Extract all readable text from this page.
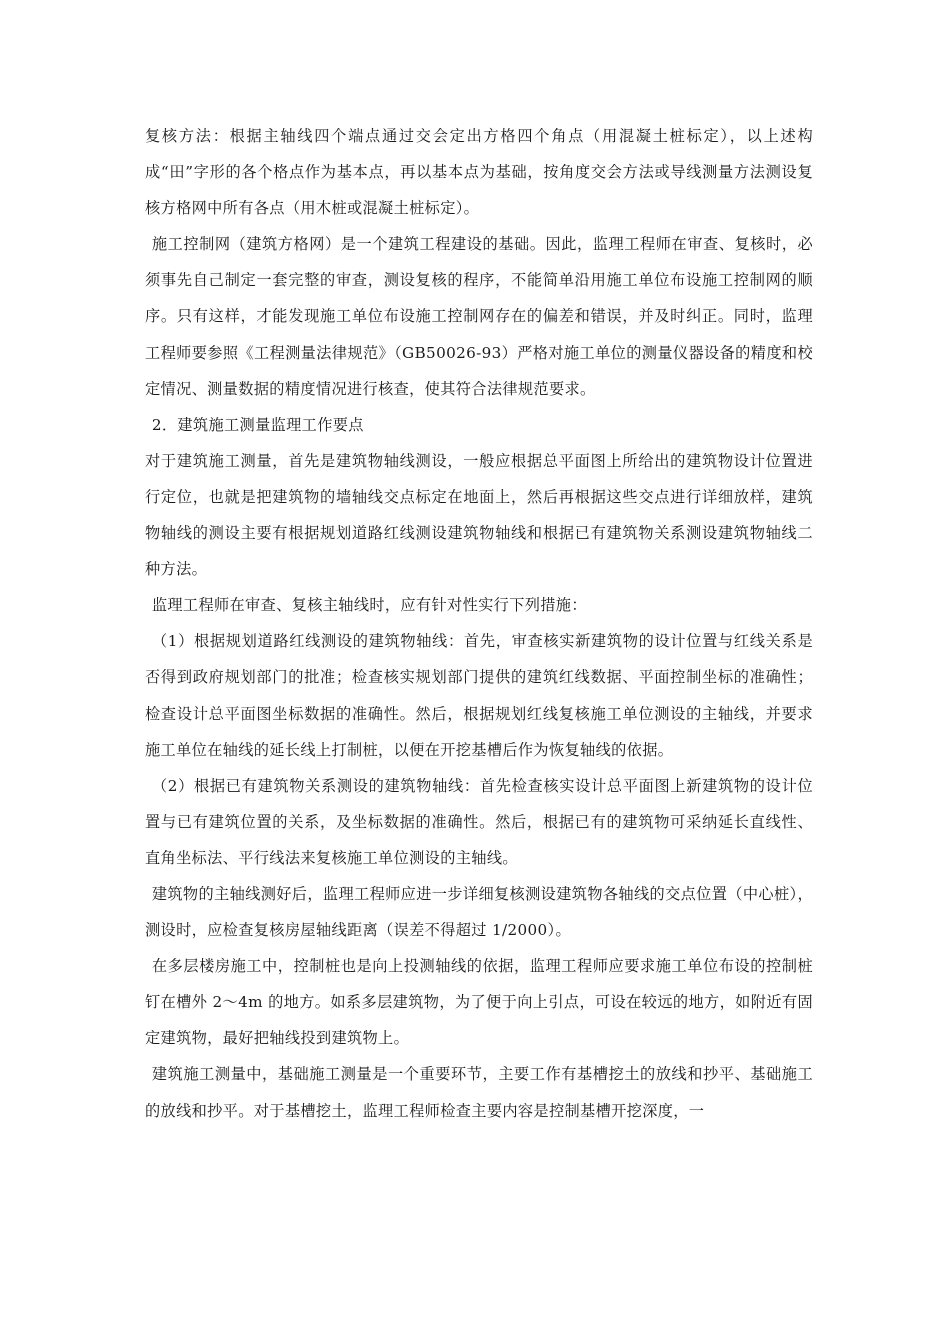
复核方法：根据主轴线四个端点通过交会定出方格四个角点（用混凝土桩标定），以上述构成“田”字形的各个格点作为基本点，再以基本点为基础，按角度交会方法或导线测量方法测设复核方格网中所有各点（用木桩或混凝土桩标定）。

施工控制网（建筑方格网）是一个建筑工程建设的基础。因此，监理工程师在审查、复核时，必须事先自己制定一套完整的审查，测设复核的程序，不能简单沿用施工单位布设施工控制网的顺序。只有这样，才能发现施工单位布设施工控制网存在的偏差和错误，并及时纠正。同时，监理工程师要参照《工程测量法律规范》（GB50026-93）严格对施工单位的测量仪器设备的精度和校定情况、测量数据的精度情况进行核查，使其符合法律规范要求。

2．建筑施工测量监理工作要点

对于建筑施工测量，首先是建筑物轴线测设，一般应根据总平面图上所给出的建筑物设计位置进行定位，也就是把建筑物的墙轴线交点标定在地面上，然后再根据这些交点进行详细放样，建筑物轴线的测设主要有根据规划道路红线测设建筑物轴线和根据已有建筑物关系测设建筑物轴线二种方法。

监理工程师在审查、复核主轴线时，应有针对性实行下列措施：

（1）根据规划道路红线测设的建筑物轴线：首先，审查核实新建筑物的设计位置与红线关系是否得到政府规划部门的批准；检查核实规划部门提供的建筑红线数据、平面控制坐标的准确性；检查设计总平面图坐标数据的准确性。然后，根据规划红线复核施工单位测设的主轴线，并要求施工单位在轴线的延长线上打制桩，以便在开挖基槽后作为恢复轴线的依据。

（2）根据已有建筑物关系测设的建筑物轴线：首先检查核实设计总平面图上新建筑物的设计位置与已有建筑位置的关系，及坐标数据的准确性。然后，根据已有的建筑物可采纳延长直线性、直角坐标法、平行线法来复核施工单位测设的主轴线。

建筑物的主轴线测好后，监理工程师应进一步详细复核测设建筑物各轴线的交点位置（中心桩），测设时，应检查复核房屋轴线距离（误差不得超过 1/2000）。

在多层楼房施工中，控制桩也是向上投测轴线的依据，监理工程师应要求施工单位布设的控制桩钉在槽外 2～4m 的地方。如系多层建筑物，为了便于向上引点，可设在较远的地方，如附近有固定建筑物，最好把轴线投到建筑物上。

建筑施工测量中，基础施工测量是一个重要环节，主要工作有基槽挖土的放线和抄平、基础施工的放线和抄平。对于基槽挖土，监理工程师检查主要内容是控制基槽开挖深度，一
